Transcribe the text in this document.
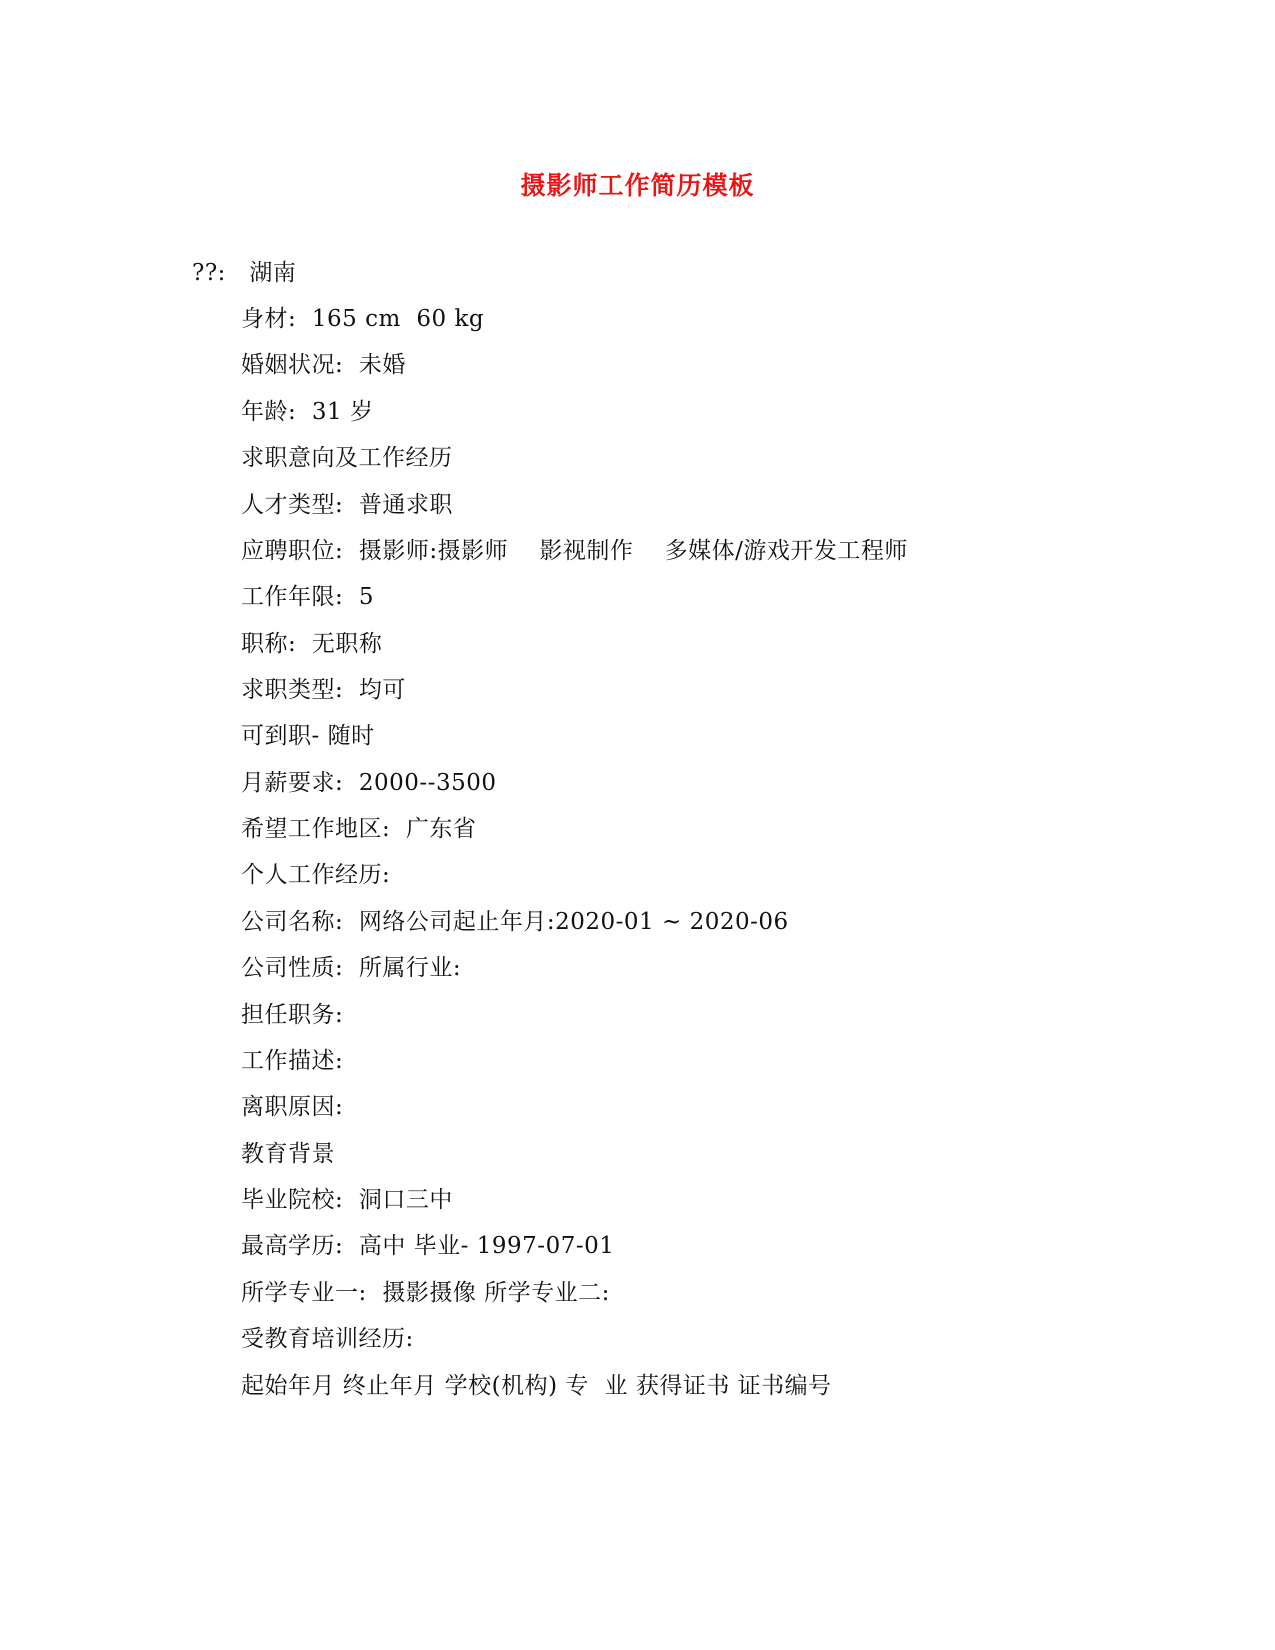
摄影师工作简历模板
??:   湖南
身材:  165 cm  60 kg
婚姻状况:  未婚
年龄:  31 岁
求职意向及工作经历
人才类型:  普通求职
应聘职位:  摄影师:摄影师    影视制作    多媒体/游戏开发工程师
工作年限:  5
职称:  无职称
求职类型:  均可
可到职- 随时
月薪要求:  2000--3500
希望工作地区:  广东省
个人工作经历:
公司名称:  网络公司起止年月:2020-01 ~ 2020-06
公司性质:  所属行业:
担任职务:
工作描述:
离职原因:
教育背景
毕业院校:  洞口三中
最高学历:  高中 毕业- 1997-07-01
所学专业一:  摄影摄像 所学专业二:
受教育培训经历:
起始年月 终止年月 学校(机构) 专  业 获得证书 证书编号
